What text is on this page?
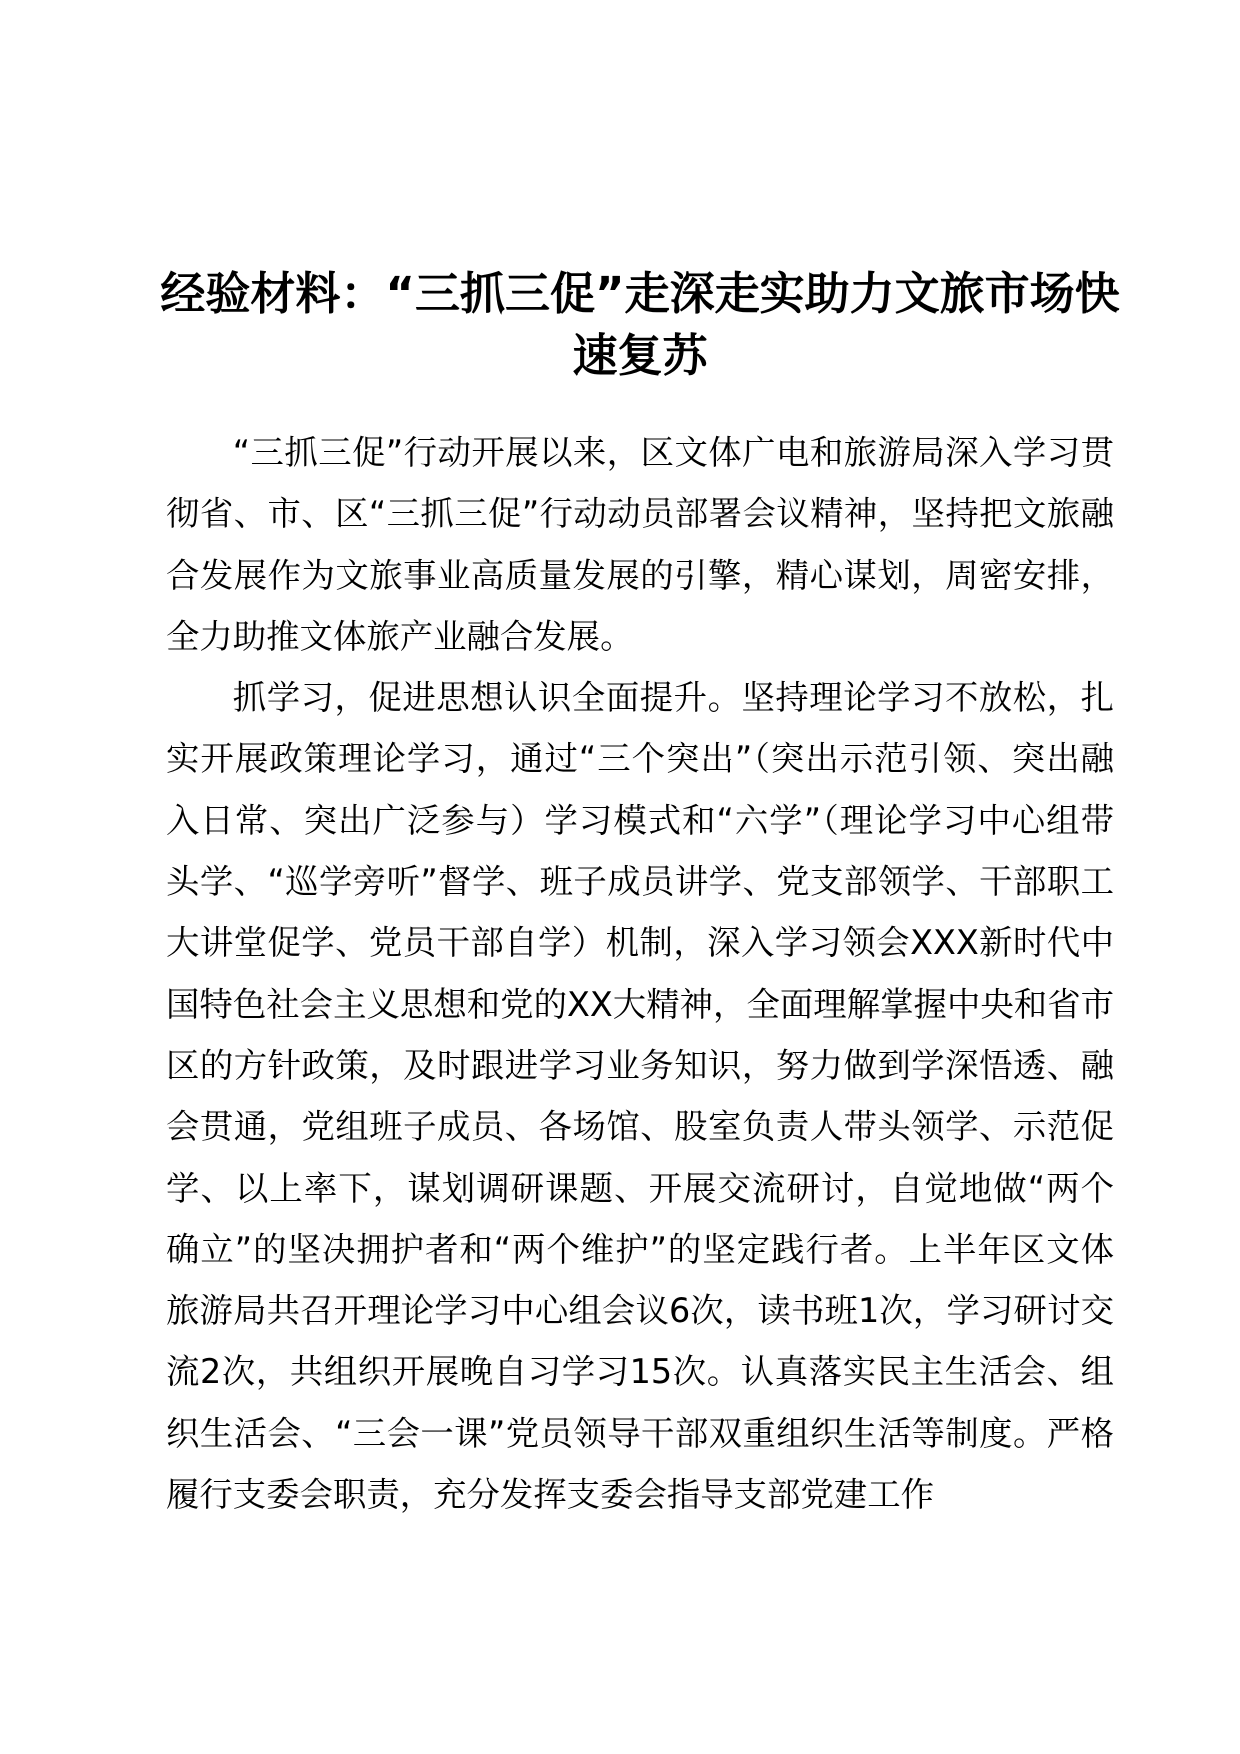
经验材料：“三抓三促”走深走实助力文旅市场快速复苏

“三抓三促”行动开展以来，区文体广电和旅游局深入学习贯彻省、市、区“三抓三促”行动动员部署会议精神，坚持把文旅融合发展作为文旅事业高质量发展的引擎，精心谋划，周密安排，全力助推文体旅产业融合发展。

抓学习，促进思想认识全面提升。坚持理论学习不放松，扎实开展政策理论学习，通过“三个突出”（突出示范引领、突出融入日常、突出广泛参与）学习模式和“六学”（理论学习中心组带头学、“巡学旁听”督学、班子成员讲学、党支部领学、干部职工大讲堂促学、党员干部自学）机制，深入学习领会XXX新时代中国特色社会主义思想和党的XX大精神，全面理解掌握中央和省市区的方针政策，及时跟进学习业务知识，努力做到学深悟透、融会贯通，党组班子成员、各场馆、股室负责人带头领学、示范促学、以上率下，谋划调研课题、开展交流研讨，自觉地做“两个确立”的坚决拥护者和“两个维护”的坚定践行者。上半年区文体旅游局共召开理论学习中心组会议6次，读书班1次，学习研讨交流2次，共组织开展晚自习学习15次。认真落实民主生活会、组织生活会、“三会一课”党员领导干部双重组织生活等制度。严格履行支委会职责，充分发挥支委会指导支部党建工作
